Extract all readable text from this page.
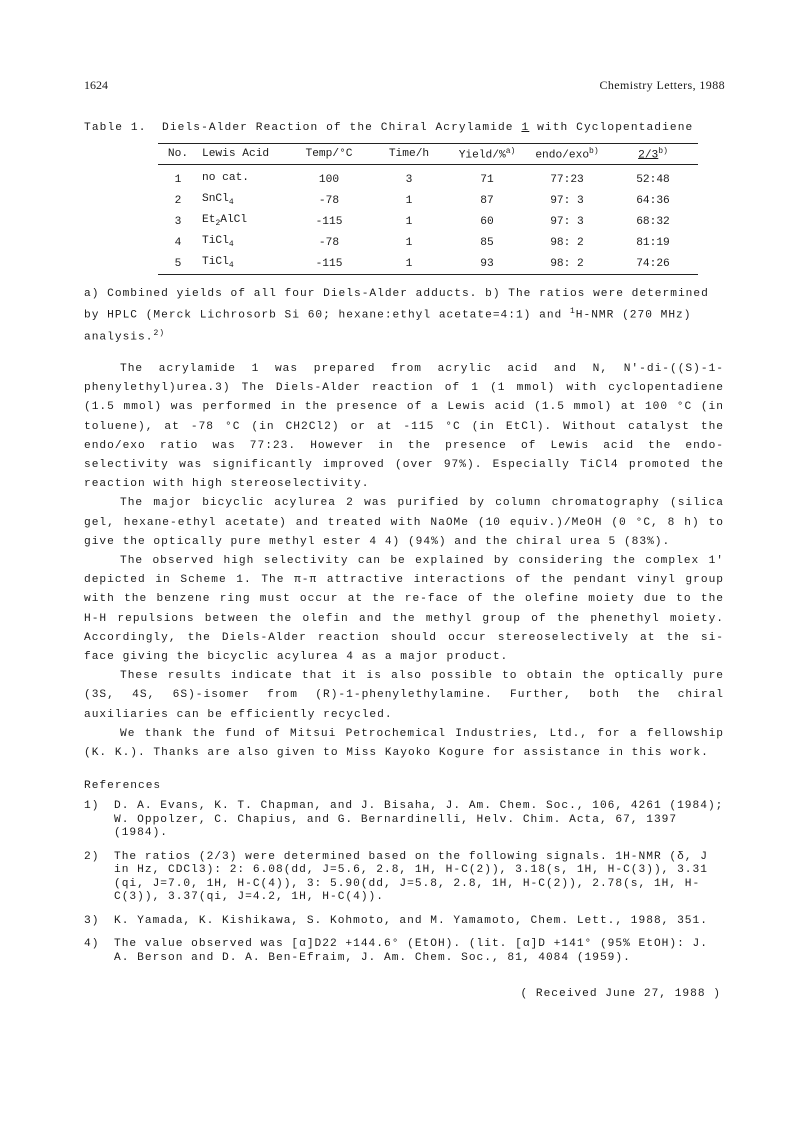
1624	Chemistry Letters, 1988
Table 1. Diels-Alder Reaction of the Chiral Acrylamide 1 with Cyclopentadiene
No.	Lewis Acid	Temp/°C	Time/h	Yield/%$^{a)}$	endo/exo$^{b)}$	2/3$^{b)}$
1	no cat.	100	3	71	77:23	52:48
2	SnCl$_4$	-78	1	87	97: 3	64:36
3	$Et_2AlCl$	-115	1	60	97: 3	68:32
4	TiCl$_4$	-78	1	85	98: 2	81:19
5	TiCl$_4$	-115	1	93	98: 2	74:26
a) Combined yields of all four Diels-Alder adducts. b) The ratios were determined
by HPLC (Merck Lichrosorb Si 60; hexane:ethyl acetate=4:1) and $^1$H-NMR (270 MHz)
analysis.$^{2)}$

The acrylamide 1 was prepared from acrylic acid and N, N'-di-((S)-1-phenylethyl)urea.3) The Diels-Alder reaction of 1 (1 mmol) with cyclopentadiene (1.5 mmol) was performed in the presence of a Lewis acid (1.5 mmol) at 100 °C (in toluene), at -78 °C (in CH2Cl2) or at -115 °C (in EtCl). Without catalyst the endo/exo ratio was 77:23. However in the presence of Lewis acid the endo-selectivity was significantly improved (over 97%). Especially TiCl4 promoted the reaction with high stereoselectivity.

The major bicyclic acylurea 2 was purified by column chromatography (silica gel, hexane-ethyl acetate) and treated with NaOMe (10 equiv.)/MeOH (0 °C, 8 h) to give the optically pure methyl ester 4 4) (94%) and the chiral urea 5 (83%).

The observed high selectivity can be explained by considering the complex 1' depicted in Scheme 1. The π-π attractive interactions of the pendant vinyl group with the benzene ring must occur at the re-face of the olefine moiety due to the H-H repulsions between the olefin and the methyl group of the phenethyl moiety. Accordingly, the Diels-Alder reaction should occur stereoselectively at the si-face giving the bicyclic acylurea 4 as a major product.

These results indicate that it is also possible to obtain the optically pure (3S, 4S, 6S)-isomer from (R)-1-phenylethylamine. Further, both the chiral auxiliaries can be efficiently recycled.

We thank the fund of Mitsui Petrochemical Industries, Ltd., for a fellowship (K. K.). Thanks are also given to Miss Kayoko Kogure for assistance in this work.

References
1)	D. A. Evans, K. T. Chapman, and J. Bisaha, J. Am. Chem. Soc., 106, 4261 (1984); W. Oppolzer, C. Chapius, and G. Bernardinelli, Helv. Chim. Acta, 67, 1397 (1984).
2)	The ratios (2/3) were determined based on the following signals. 1H-NMR (δ, J in Hz, CDCl3): 2: 6.08(dd, J=5.6, 2.8, 1H, H-C(2)), 3.18(s, 1H, H-C(3)), 3.31 (qi, J=7.0, 1H, H-C(4)), 3: 5.90(dd, J=5.8, 2.8, 1H, H-C(2)), 2.78(s, 1H, H-C(3)), 3.37(qi, J=4.2, 1H, H-C(4)).
3)	K. Yamada, K. Kishikawa, S. Kohmoto, and M. Yamamoto, Chem. Lett., 1988, 351.
4)	The value observed was [α]D22 +144.6° (EtOH). (lit. [α]D +141° (95% EtOH): J. A. Berson and D. A. Ben-Efraim, J. Am. Chem. Soc., 81, 4084 (1959).
( Received June 27, 1988 )
